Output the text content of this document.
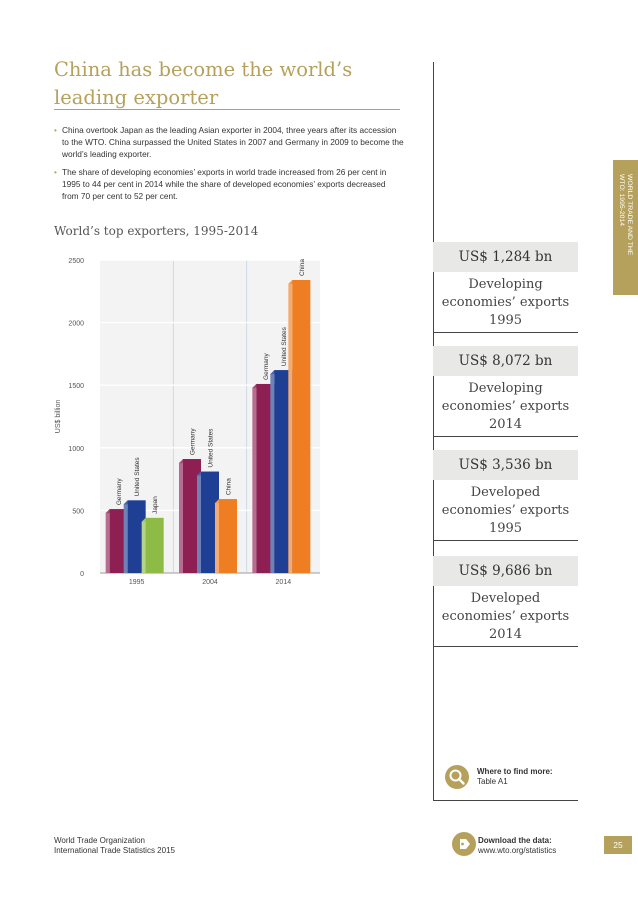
China has become the world’s leading exporter
• China overtook Japan as the leading Asian exporter in 2004, three years after its accession to the WTO. China surpassed the United States in 2007 and Germany in 2009 to become the world’s leading exporter.
• The share of developing economies’ exports in world trade increased from 26 per cent in 1995 to 44 per cent in 2014 while the share of developed economies’ exports decreased from 70 per cent to 52 per cent.
World’s top exporters, 1995-2014
0
500
1000
1500
2000
2500
US$ billion
Germany United States
Japan
1995
Germany United States
China
2004
Germany
United States
China
2014
WORLD TRADE AND THE
WTO: 1995-2014
US$ 1,284 bn
Developing economies’ exports 1995
US$ 8,072 bn
Developing economies’ exports 2014
US$ 3,536 bn
Developed economies’ exports 1995
US$ 9,686 bn
Developed economies’ exports 2014
Where to find more:
Table A1
World Trade Organization
International Trade Statistics 2015
Download the data:
www.wto.org/statistics
25
